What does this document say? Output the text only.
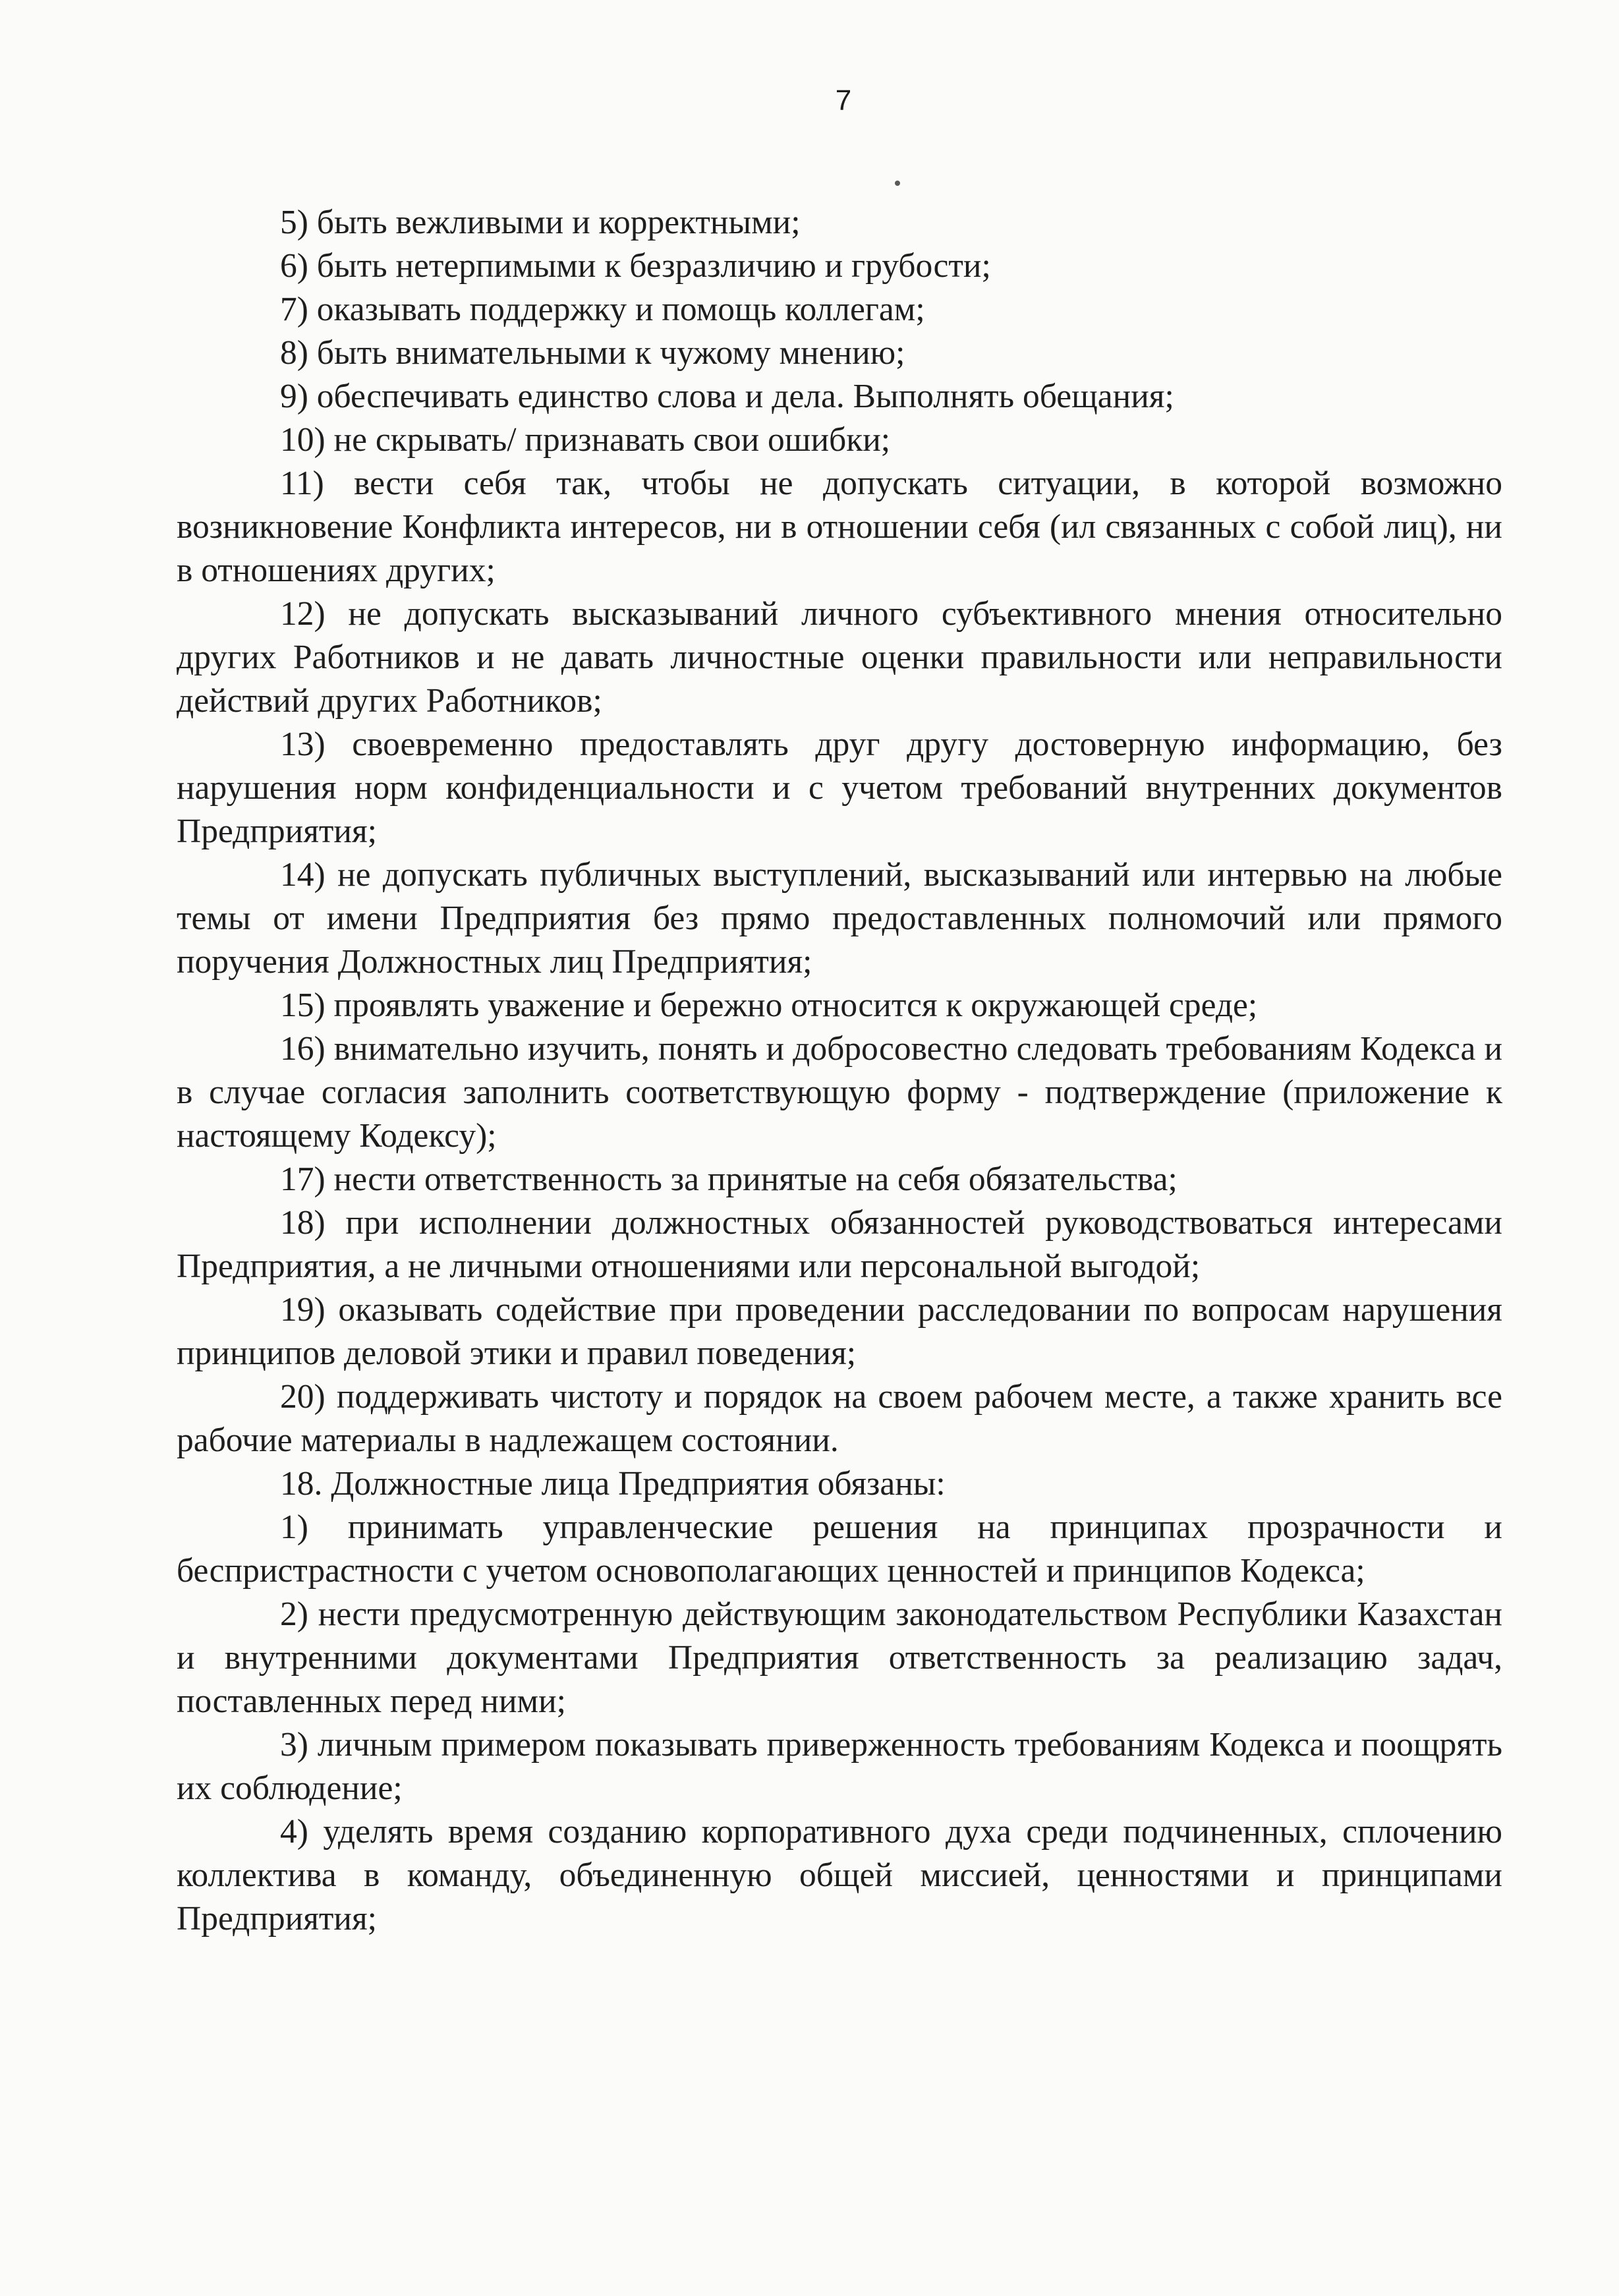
7

5) быть вежливыми и корректными;

6) быть нетерпимыми к безразличию и грубости;

7) оказывать поддержку и помощь коллегам;

8) быть внимательными к чужому мнению;

9) обеспечивать единство слова и дела. Выполнять обещания;

10) не скрывать/ признавать свои ошибки;

11) вести себя так, чтобы не допускать ситуации, в которой возможно возникновение Конфликта интересов, ни в отношении себя (ил связанных с собой лиц), ни в отношениях других;

12) не допускать высказываний личного субъективного мнения относительно других Работников и не давать личностные оценки правильности или неправильности действий других Работников;

13) своевременно предоставлять друг другу достоверную информацию, без нарушения норм конфиденциальности и с учетом требований внутренних документов Предприятия;

14) не допускать публичных выступлений, высказываний или интервью на любые темы от имени Предприятия без прямо предоставленных полномочий или прямого поручения Должностных лиц Предприятия;

15) проявлять уважение и бережно относится к окружающей среде;

16) внимательно изучить, понять и добросовестно следовать требованиям Кодекса и в случае согласия заполнить соответствующую форму - подтверждение (приложение к настоящему Кодексу);

17) нести ответственность за принятые на себя обязательства;

18) при исполнении должностных обязанностей руководствоваться интересами Предприятия, а не личными отношениями или персональной выгодой;

19) оказывать содействие при проведении расследовании по вопросам нарушения принципов деловой этики и правил поведения;

20) поддерживать чистоту и порядок на своем рабочем месте, а также хранить все рабочие материалы в надлежащем состоянии.

18. Должностные лица Предприятия обязаны:

1) принимать управленческие решения на принципах прозрачности и беспристрастности с учетом основополагающих ценностей и принципов Кодекса;

2) нести предусмотренную действующим законодательством Республики Казахстан и внутренними документами Предприятия ответственность за реализацию задач, поставленных перед ними;

3) личным примером показывать приверженность требованиям Кодекса и поощрять их соблюдение;

4) уделять время созданию корпоративного духа среди подчиненных, сплочению коллектива в команду, объединенную общей миссией, ценностями и принципами Предприятия;
